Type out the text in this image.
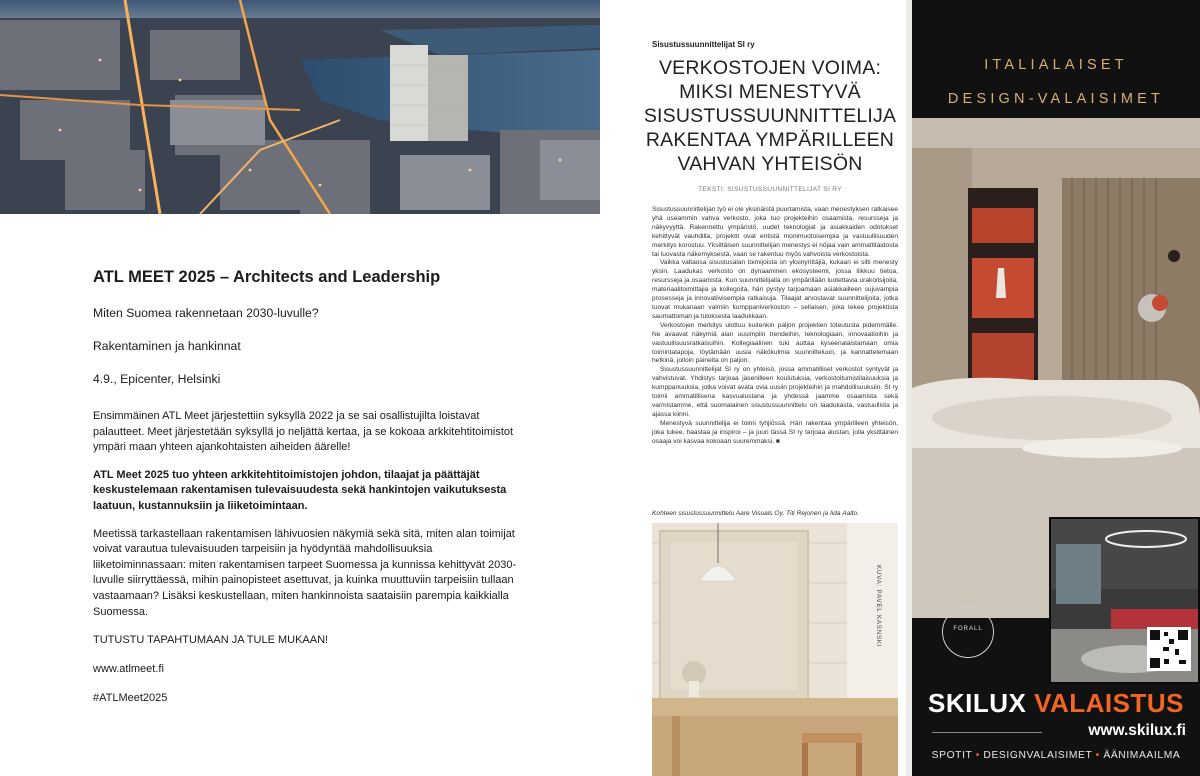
ATL MEET 2025 – Architects and Leadership
Miten Suomea rakennetaan 2030-luvulle?
Rakentaminen ja hankinnat
4.9., Epicenter, Helsinki

Ensimmäinen ATL Meet järjestettiin syksyllä 2022 ja se sai osallistujilta loistavat palautteet. Meet järjestetään syksyllä jo neljättä kertaa, ja se kokoaa arkkitehtitoimistot ympäri maan yhteen ajankohtaisten aiheiden äärelle!

ATL Meet 2025 tuo yhteen arkkitehtitoimistojen johdon, tilaajat ja päättäjät keskustelemaan rakentamisen tulevaisuudesta sekä hankintojen vaikutuksesta laatuun, kustannuksiin ja liiketoimintaan.

Meetissä tarkastellaan rakentamisen lähivuosien näkymiä sekä sitä, miten alan toimijat voivat varautua tulevaisuuden tarpeisiin ja hyödyntää mahdollisuuksia liiketoiminnassaan: miten rakentamisen tarpeet Suomessa ja kunnissa kehittyvät 2030-luvulle siirryttäessä, mihin painopisteet asettuvat, ja kuinka muuttuviin tarpeisiin tullaan vastaamaan? Lisäksi keskustellaan, miten hankinnoista saataisiin parempia kaikkialla Suomessa.

TUTUSTU TAPAHTUMAAN JA TULE MUKAAN!

www.atlmeet.fi

#ATLMeet2025

Sisustussuunnittelijat SI ry
VERKOSTOJEN VOIMA:
MIKSI MENESTYVÄ
SISUSTUSSUUNNITTELIJA
RAKENTAA YMPÄRILLEEN
VAHVAN YHTEISÖN
TEKSTI: SISUSTUSSUUNNITTELIJAT SI RY

Sisustussuunnittelijan työ ei ole yksinäistä puurtamista, vaan menestyksen ratkaisee yhä useammin vahva verkosto, joka tuo projekteihin osaamista, resursseja ja näkyvyyttä. Rakennettu ympäristö, uudet teknologiat ja asiakkaiden odotukset kehittyvät vauhdilla, projektit ovat entistä monimuotoisempia ja vastuullisuuden merkitys korostuu. Yksittäisen suunnittelijan menestys ei nöjaa vain ammattitaidosta tai luovasta näkemyksestä, vaan se rakentuu myös vahvoista verkostoista.

Vaikka valtaosa sisustusalan toimijoista on yksinyrittäjiä, kukaan ei silti menesty yksin. Laadukas verkosto on dynaaminen ekosysteemi, jossa liikkuu tietoa, resursseja ja osaamista. Kun suunnittelijalla on ympärillään luotettavia urakoitsijoita, materiaalitoimittajia ja kollegoita, hän pystyy tarjoamaan asiakkailleen sujuvampia prosesseja ja innovatiivisempia ratkaisuja. Tilaajat arvostavat suunnittelijoita, jotka tuovat mukanaan valmiin kumppaniverkoston – sellaisen, joka tekee projektista saumattoman ja tuloksesta laadukkaan.

Verkostojen merkitys ulottuu kuitenkin paljon projektien toteutusta pidemmälle. Ne avaavat näkymiä alan uusimpiin trendeihin, teknologiaan, innovaatioihin ja vastuullisuusratkaisuihin. Kollegiaalinen tuki auttaa kyseenalaistamaan omia toimintatapoja, löytämään uusia näkökulmia suunnitteluun, ja kannattelemaan hetkinä, jolloin paineita on paljon.

Sisustussuunnittelijat SI ry on yhteisö, jossa ammatilliset verkostot syntyvät ja vahvistuvat. Yhdistys tarjoaa jäsenilleen koulutuksia, verkostoitumistilaisuuksia ja kumppanuuksia, jotka voivat avata ovia uusiin projekteihin ja mahdollisuuksiin. SI ry toimii ammatillisena kasvualustana ja yhdessä jaamme osaamista sekä varmistamme, että suomalainen sisustussuunnittelu on laadukasta, vastuullista ja ajassa kiinni.

Menestyvä suunnittelija ei toimi tyhjiössä. Hän rakentaa ympärilleen yhteisön, joka tukee, haastaa ja inspiroi – ja juuri tässä SI ry tarjoaa alustan, jolla yksittäinen osaaja voi kasvaa kokoaan suuremmaksi. ■

Kohteen sisustussuunnittelu Aare Visuals Oy, Titi Rejonen ja Iida Aalto.
KUVA: PAVEL KASNSKI
ITALIALAISET
DESIGN-VALAISIMET
FORALL
SKILUX VALAISTUS
www.skilux.fi
SPOTIT • DESIGNVALAISIMET • ÄÄNIMAAILMA
